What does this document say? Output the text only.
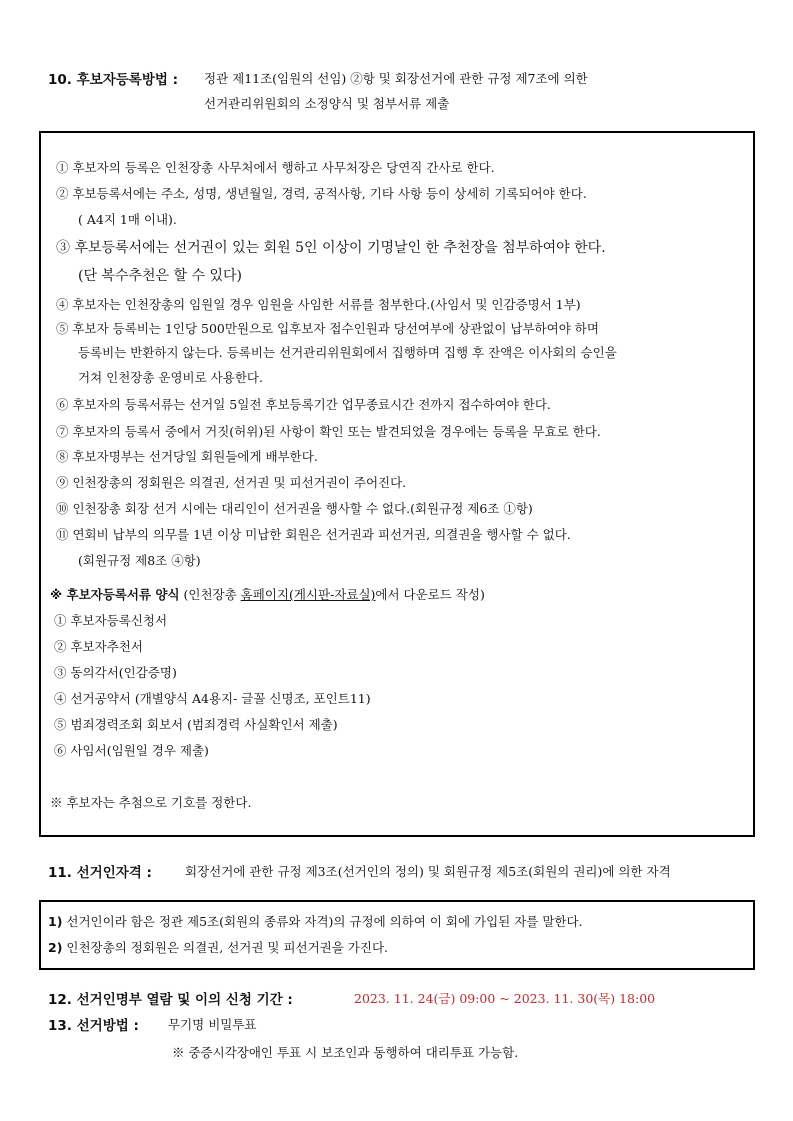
10. 후보자등록방법 : 정관 제11조(임원의 선임) ②항 및 회장선거에 관한 규정 제7조에 의한
선거관리위원회의 소정양식 및 첨부서류 제출
① 후보자의 등록은 인천장총 사무처에서 행하고 사무처장은 당연직 간사로 한다.
② 후보등록서에는 주소, 성명, 생년월일, 경력, 공적사항, 기타 사항 등이 상세히 기록되어야 한다.
( A4지 1매 이내).
③ 후보등록서에는 선거권이 있는 회원 5인 이상이 기명날인 한 추천장을 첨부하여야 한다.
(단 복수추천은 할 수 있다)
④ 후보자는 인천장총의 임원일 경우 임원을 사임한 서류를 첨부한다.(사임서 및 인감증명서 1부)
⑤ 후보자 등록비는 1인당 500만원으로 입후보자 접수인원과 당선여부에 상관없이 납부하여야 하며
등록비는 반환하지 않는다. 등록비는 선거관리위원회에서 집행하며 집행 후 잔액은 이사회의 승인을
거쳐 인천장총 운영비로 사용한다.
⑥ 후보자의 등록서류는 선거일 5일전 후보등록기간 업무종료시간 전까지 접수하여야 한다.
⑦ 후보자의 등록서 중에서 거짓(허위)된 사항이 확인 또는 발견되었을 경우에는 등록을 무효로 한다.
⑧ 후보자명부는 선거당일 회원들에게 배부한다.
⑨ 인천장총의 정회원은 의결권, 선거권 및 피선거권이 주어진다.
⑩ 인천장총 회장 선거 시에는 대리인이 선거권을 행사할 수 없다.(회원규정 제6조 ①항)
⑪ 연회비 납부의 의무를 1년 이상 미납한 회원은 선거권과 피선거권, 의결권을 행사할 수 없다.
(회원규정 제8조 ④항)
※ 후보자등록서류 양식 (인천장총 홈페이지(게시판-자료실)에서 다운로드 작성)
① 후보자등록신청서
② 후보자추천서
③ 동의각서(인감증명)
④ 선거공약서 (개별양식 A4용지- 글꼴 신명조, 포인트11)
⑤ 범죄경력조회 회보서 (범죄경력 사실확인서 제출)
⑥ 사임서(임원일 경우 제출)
※ 후보자는 추첨으로 기호를 정한다.
11. 선거인자격 :	회장선거에 관한 규정 제3조(선거인의 정의) 및 회원규정 제5조(회원의 권리)에 의한 자격
1) 선거인이라 함은 정관 제5조(회원의 종류와 자격)의 규정에 의하여 이 회에 가입된 자를 말한다.
2) 인천장총의 정회원은 의결권, 선거권 및 피선거권을 가진다.
12. 선거인명부 열람 및 이의 신청 기간 :	2023. 11. 24(금) 09:00 ~ 2023. 11. 30(목) 18:00
13. 선거방법 : 무기명 비밀투표
※ 중증시각장애인 투표 시 보조인과 동행하여 대리투표 가능함.
